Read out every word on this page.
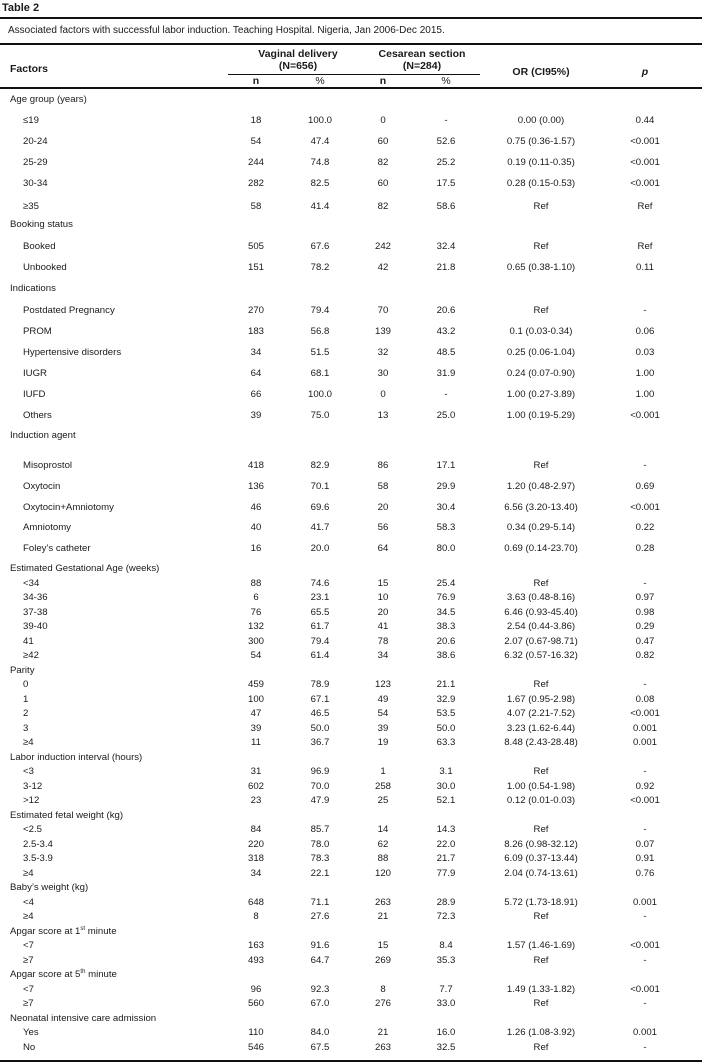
Table 2
Associated factors with successful labor induction. Teaching Hospital. Nigeria, Jan 2006-Dec 2015.
Factors
Vaginal delivery
(N=656)
Cesarean section
(N=284)	OR (CI95%)	p
n	%	n	%
Age group (years)
≤19	18	100.0	0	-	0.00 (0.00)	0.44
20-24	54	47.4	60	52.6	0.75 (0.36-1.57)	<0.001
25-29	244	74.8	82	25.2	0.19 (0.11-0.35)	<0.001
30-34	282	82.5	60	17.5	0.28 (0.15-0.53)	<0.001
≥35	58	41.4	82	58.6	Ref	Ref
Booking status
Booked	505	67.6	242	32.4	Ref	Ref
Unbooked	151	78.2	42	21.8	0.65 (0.38-1.10)	0.11
Indications
Postdated Pregnancy	270	79.4	70	20.6	Ref	-
PROM	183	56.8	139	43.2	0.1 (0.03-0.34)	0.06
Hypertensive disorders	34	51.5	32	48.5	0.25 (0.06-1.04)	0.03
IUGR	64	68.1	30	31.9	0.24 (0.07-0.90)	1.00
IUFD	66	100.0	0	-	1.00 (0.27-3.89)	1.00
Others	39	75.0	13	25.0	1.00 (0.19-5.29)	<0.001
Induction agent
Misoprostol	418	82.9	86	17.1	Ref	-
Oxytocin	136	70.1	58	29.9	1.20 (0.48-2.97)	0.69
Oxytocin+Amniotomy	46	69.6	20	30.4	6.56 (3.20-13.40)	<0.001
Amniotomy	40	41.7	56	58.3	0.34 (0.29-5.14)	0.22
Foley’s catheter	16	20.0	64	80.0	0.69 (0.14-23.70)	0.28
Estimated Gestational Age (weeks)
<34	88	74.6	15	25.4	Ref	-
34-36	6	23.1	10	76.9	3.63 (0.48-8.16)	0.97
37-38	76	65.5	20	34.5	6.46 (0.93-45.40)	0.98
39-40	132	61.7	41	38.3	2.54 (0.44-3.86)	0.29
41	300	79.4	78	20.6	2.07 (0.67-98.71)	0.47
≥42	54	61.4	34	38.6	6.32 (0.57-16.32)	0.82
Parity
0	459	78.9	123	21.1	Ref	-
1	100	67.1	49	32.9	1.67 (0.95-2.98)	0.08
2	47	46.5	54	53.5	4.07 (2.21-7.52)	<0.001
3	39	50.0	39	50.0	3.23 (1.62-6.44)	0.001
≥4	11	36.7	19	63.3	8.48 (2.43-28.48)	0.001
Labor induction interval (hours)
<3	31	96.9	1	3.1	Ref	-
3-12	602	70.0	258	30.0	1.00 (0.54-1.98)	0.92
>12	23	47.9	25	52.1	0.12 (0.01-0.03)	<0.001
Estimated fetal weight (kg)
<2.5	84	85.7	14	14.3	Ref	-
2.5-3.4	220	78.0	62	22.0	8.26 (0.98-32.12)	0.07
3.5-3.9	318	78.3	88	21.7	6.09 (0.37-13.44)	0.91
≥4	34	22.1	120	77.9	2.04 (0.74-13.61)	0.76
Baby’s weight (kg)
<4	648	71.1	263	28.9	5.72 (1.73-18.91)	0.001
≥4	8	27.6	21	72.3	Ref	-
Apgar score at 1st minute
<7	163	91.6	15	8.4	1.57 (1.46-1.69)	<0.001
≥7	493	64.7	269	35.3	Ref	-
Apgar score at 5th minute
<7	96	92.3	8	7.7	1.49 (1.33-1.82)	<0.001
≥7	560	67.0	276	33.0	Ref	-
Neonatal intensive care admission
Yes	110	84.0	21	16.0	1.26 (1.08-3.92)	0.001
No	546	67.5	263	32.5	Ref	-
